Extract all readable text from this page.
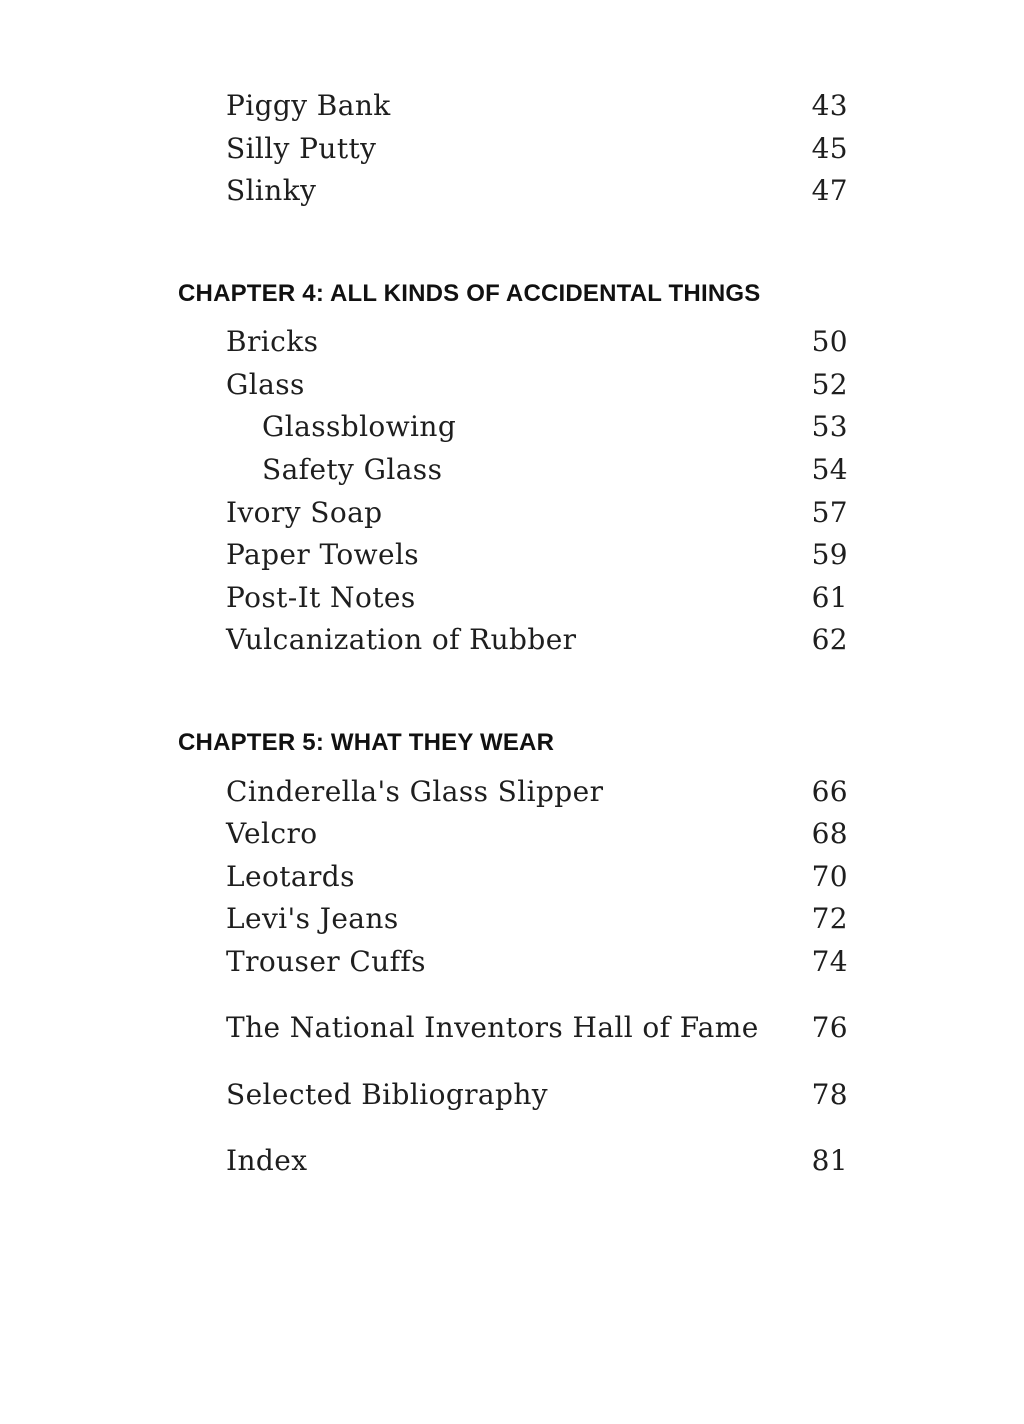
Piggy Bank	43
Silly Putty	45
Slinky	47
CHAPTER 4: ALL KINDS OF ACCIDENTAL THINGS
Bricks	50
Glass	52
Glassblowing	53
Safety Glass	54
Ivory Soap	57
Paper Towels	59
Post-It Notes	61
Vulcanization of Rubber	62
CHAPTER 5: WHAT THEY WEAR
Cinderella's Glass Slipper	66
Velcro	68
Leotards	70
Levi's Jeans	72
Trouser Cuffs	74
The National Inventors Hall of Fame 76
Selected Bibliography	78
Index	81
